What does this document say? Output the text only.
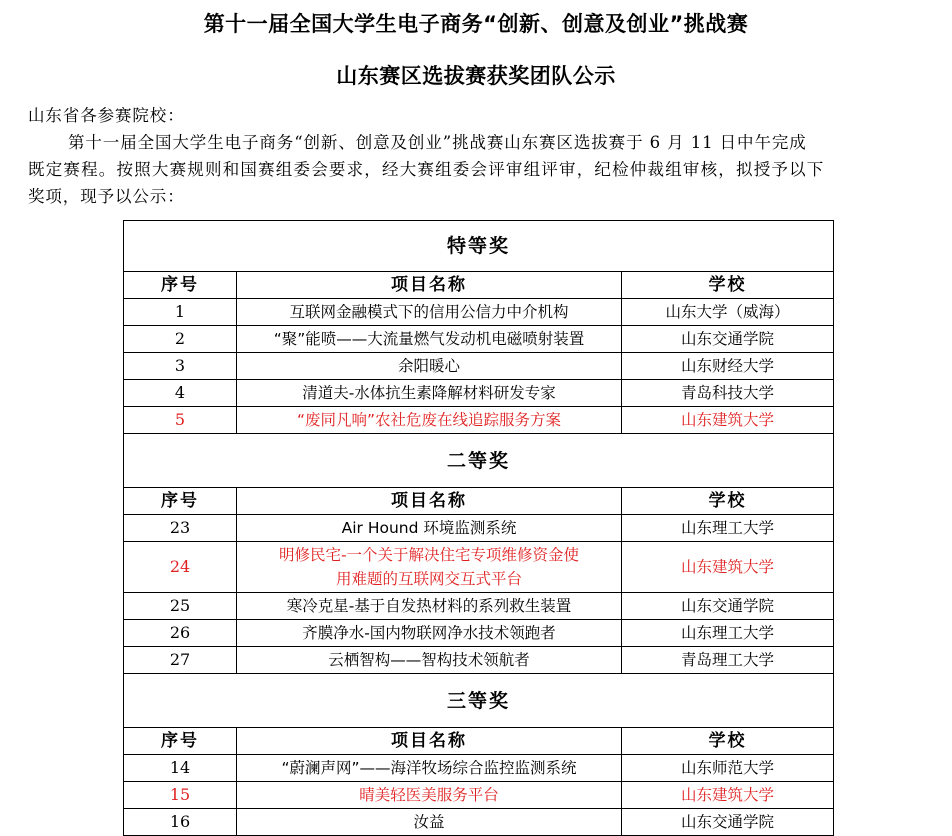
第十一届全国大学生电子商务“创新、创意及创业”挑战赛
山东赛区选拔赛获奖团队公示
山东省各参赛院校：
第十一届全国大学生电子商务“创新、创意及创业”挑战赛山东赛区选拔赛于 6 月 11 日中午完成
既定赛程。按照大赛规则和国赛组委会要求，经大赛组委会评审组评审，纪检仲裁组审核，拟授予以下
奖项，现予以公示：
特等奖		
序号	项目名称	学校
1	互联网金融模式下的信用公信力中介机构	山东大学（威海）
2	“聚”能喷——大流量燃气发动机电磁喷射装置	山东交通学院
3	余阳暖心	山东财经大学
4	清道夫-水体抗生素降解材料研发专家	青岛科技大学
5	“废同凡响”农社危废在线追踪服务方案	山东建筑大学
二等奖		
序号	项目名称	学校
23	Air Hound 环境监测系统	山东理工大学
24	明修民宅-一个关于解决住宅专项维修资金使
用难题的互联网交互式平台	山东建筑大学
25	寒冷克星-基于自发热材料的系列救生装置	山东交通学院
26	齐膜净水-国内物联网净水技术领跑者	山东理工大学
27	云栖智构——智构技术领航者	青岛理工大学
三等奖		
序号	项目名称	学校
14	“蔚澜声网”——海洋牧场综合监控监测系统	山东师范大学
15	晴美轻医美服务平台	山东建筑大学
16	汝益	山东交通学院
